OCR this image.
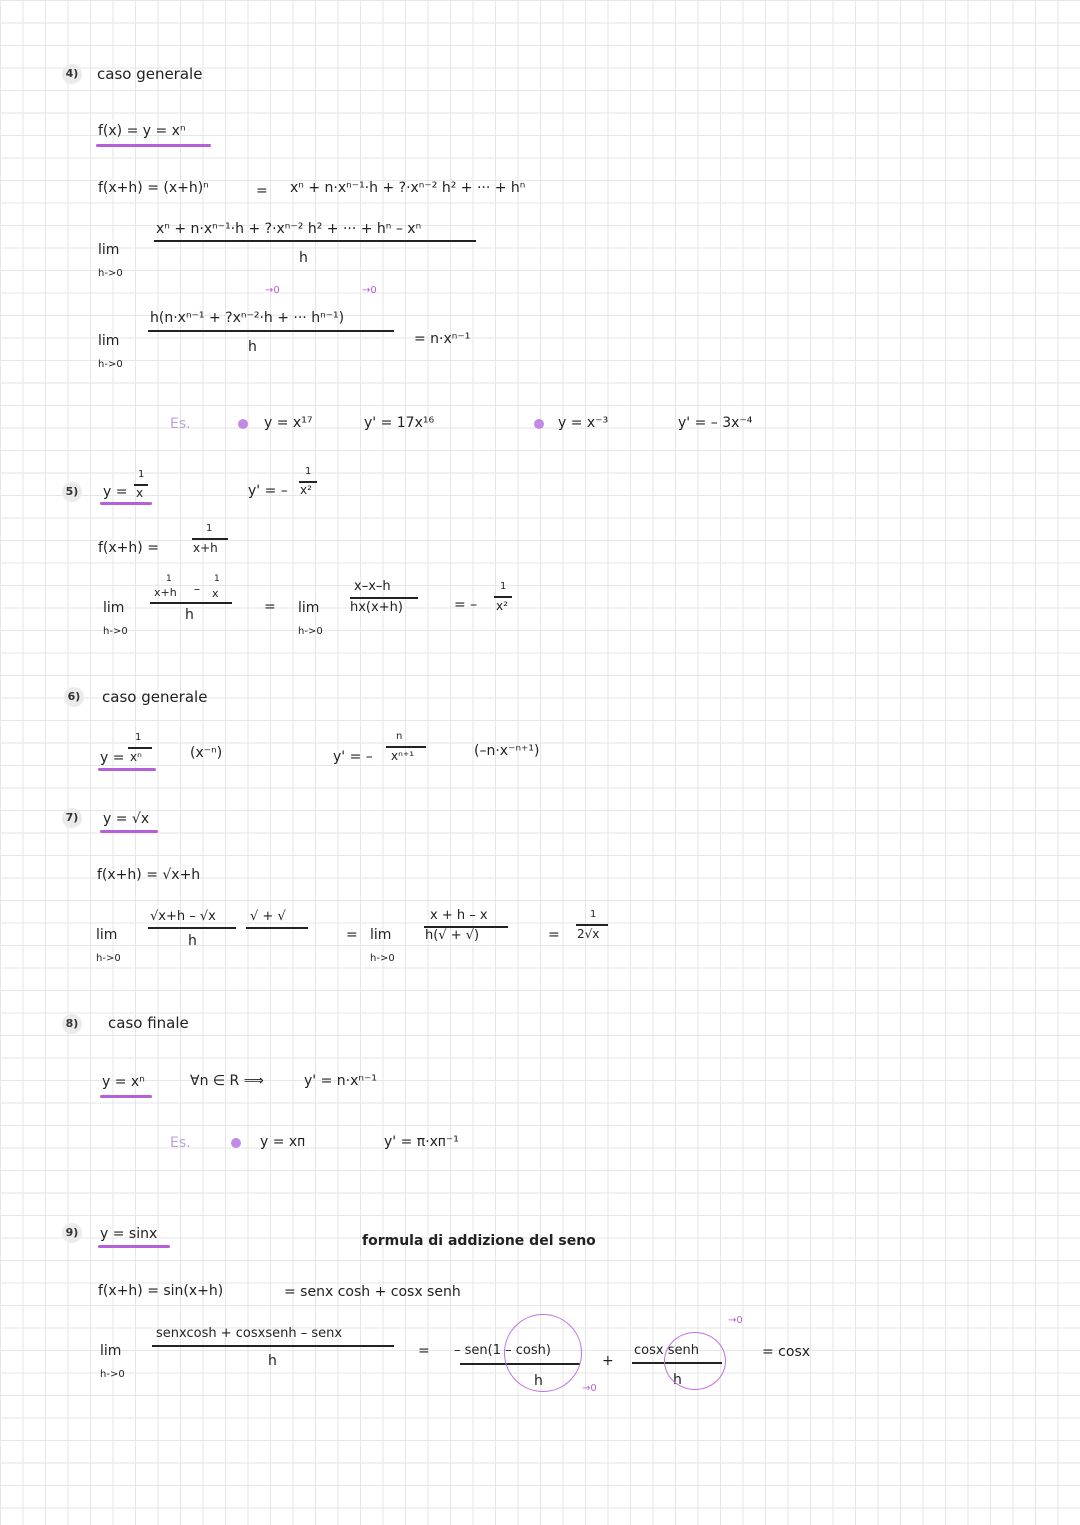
4) caso generale
f(x) = y = xⁿ
f(x+h) = (x+h)ⁿ	= xⁿ + n·xⁿ⁻¹·h + ?·xⁿ⁻² h² + ··· + hⁿ
lim
h->0
xⁿ + n·xⁿ⁻¹·h + ?·xⁿ⁻² h² + ··· + hⁿ – xⁿ
h
lim
h->0
→0	→0
h(n·xⁿ⁻¹ + ?xⁿ⁻²·h + ··· hⁿ⁻¹)
h	= n·xⁿ⁻¹
Es.	y = x¹⁷	y' = 17x¹⁶	y = x⁻³	y' = – 3x⁻⁴
5) y =
1
x	y' = –
1
x²
f(x+h) =
1
x+h
lim
h->0
1
x+h –
1
x
h	= lim
h->0
x–x–h
hx(x+h)	= –
1
x²
6) caso generale
y =
1
xⁿ	(x⁻ⁿ)	y' = –
n
xⁿ⁺¹	(–n·x⁻ⁿ⁺¹)
7) y = √x
f(x+h) = √x+h
lim
h->0
√x+h – √x
h
√ + √
= lim
h->0
x + h – x
h(√ + √)	=
1
2√x
8) caso finale
y = xⁿ	∀n ∈ R ⟹	y' = n·xⁿ⁻¹
Es.	y = xᴨ	y' = π·xᴨ⁻¹
9) y = sinx	formula di addizione del seno
f(x+h) = sin(x+h)	= senx cosh + cosx senh
lim
h->0
senxcosh + cosxsenh – senx
h
= – sen(1 – cosh)
h	→0
+
cosx senh
h
→0
= cosx
